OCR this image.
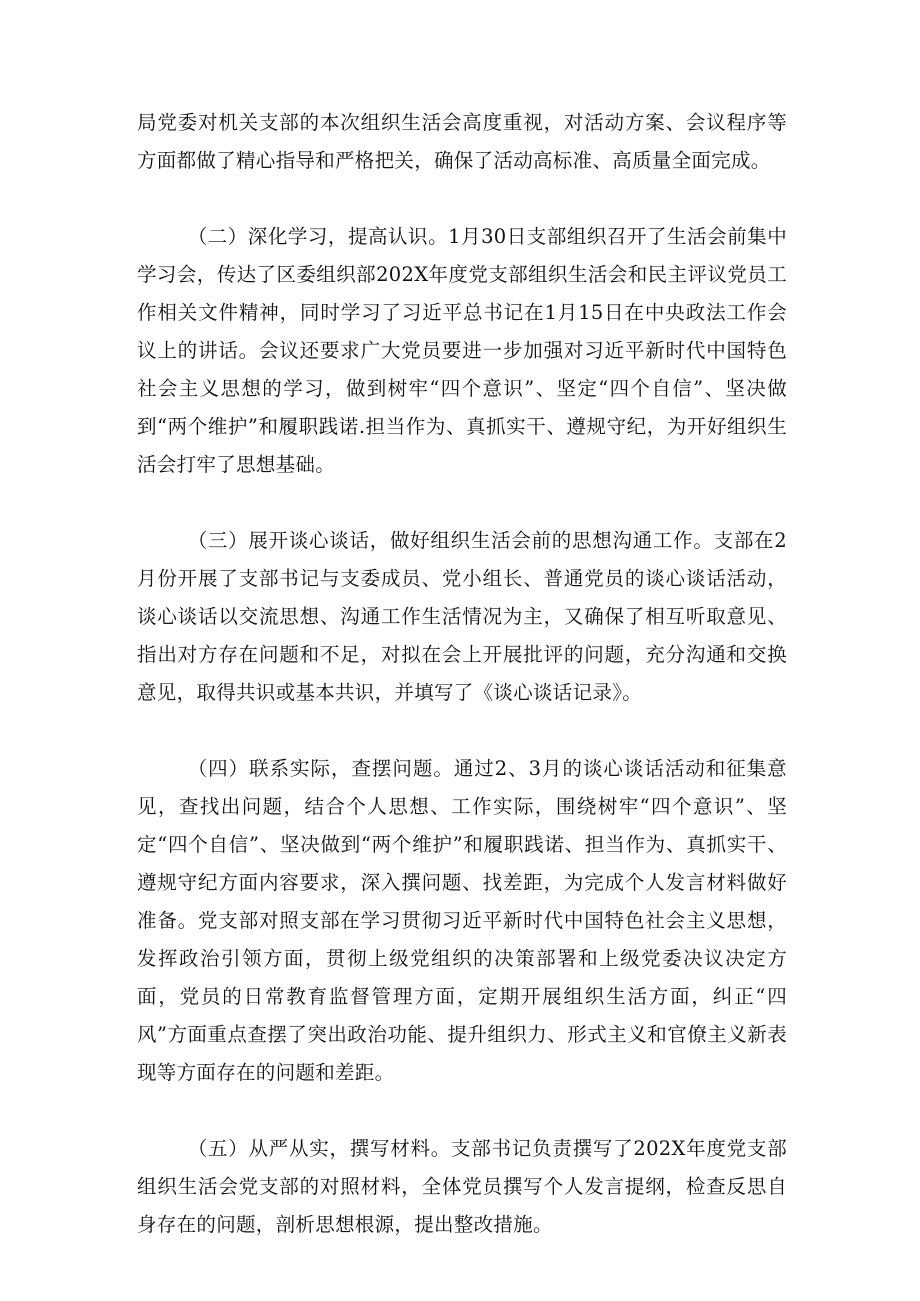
局党委对机关支部的本次组织生活会高度重视，对活动方案、会议程序等方面都做了精心指导和严格把关，确保了活动高标准、高质量全面完成。

（二）深化学习，提高认识。1月30日支部组织召开了生活会前集中学习会，传达了区委组织部202X年度党支部组织生活会和民主评议党员工作相关文件精神，同时学习了习近平总书记在1月15日在中央政法工作会议上的讲话。会议还要求广大党员要进一步加强对习近平新时代中国特色社会主义思想的学习，做到树牢“四个意识”、坚定“四个自信”、坚决做到“两个维护”和履职践诺.担当作为、真抓实干、遵规守纪，为开好组织生活会打牢了思想基础。

（三）展开谈心谈话，做好组织生活会前的思想沟通工作。支部在2月份开展了支部书记与支委成员、党小组长、普通党员的谈心谈话活动，谈心谈话以交流思想、沟通工作生活情况为主，又确保了相互听取意见、指出对方存在问题和不足，对拟在会上开展批评的问题，充分沟通和交换意见，取得共识或基本共识，并填写了《谈心谈话记录》。

（四）联系实际，查摆问题。通过2、3月的谈心谈话活动和征集意见，查找出问题，结合个人思想、工作实际，围绕树牢“四个意识”、坚定“四个自信”、坚决做到“两个维护”和履职践诺、担当作为、真抓实干、遵规守纪方面内容要求，深入撰问题、找差距，为完成个人发言材料做好准备。党支部对照支部在学习贯彻习近平新时代中国特色社会主义思想，发挥政治引领方面，贯彻上级党组织的决策部署和上级党委决议决定方面，党员的日常教育监督管理方面，定期开展组织生活方面，纠正“四风”方面重点查摆了突出政治功能、提升组织力、形式主义和官僚主义新表现等方面存在的问题和差距。

（五）从严从实，撰写材料。支部书记负责撰写了202X年度党支部组织生活会党支部的对照材料，全体党员撰写个人发言提纲，检查反思自身存在的问题，剖析思想根源，提出整改措施。
